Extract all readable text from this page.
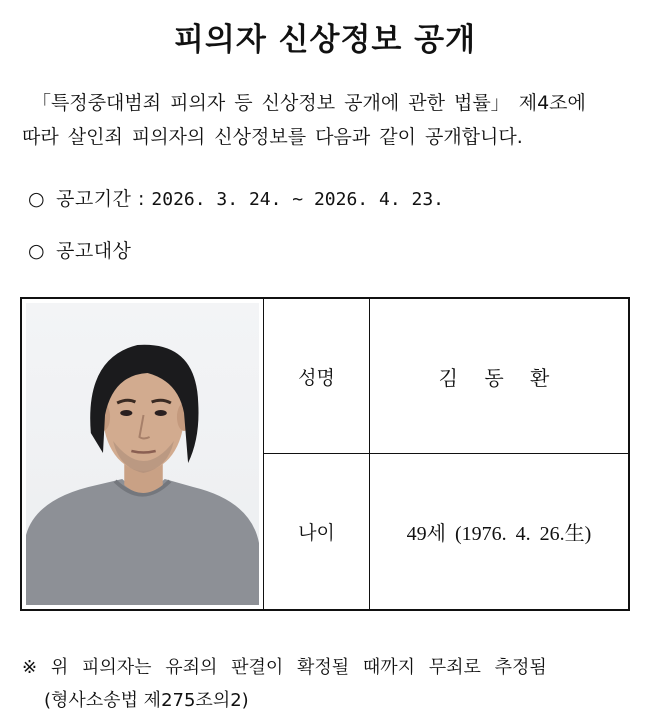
피의자 신상정보 공개
「특정중대범죄 피의자 등 신상정보 공개에 관한 법률」 제4조에
따라 살인죄 피의자의 신상정보를 다음과 같이 공개합니다.
○ 공고기간 : 2026. 3. 24. ~ 2026. 4. 23.
○ 공고대상
성명
나이
김 동 환
49세 (1976. 4. 26.生)
※ 위 피의자는 유죄의 판결이 확정될 때까지 무죄로 추정됨
(형사소송법 제275조의2)
